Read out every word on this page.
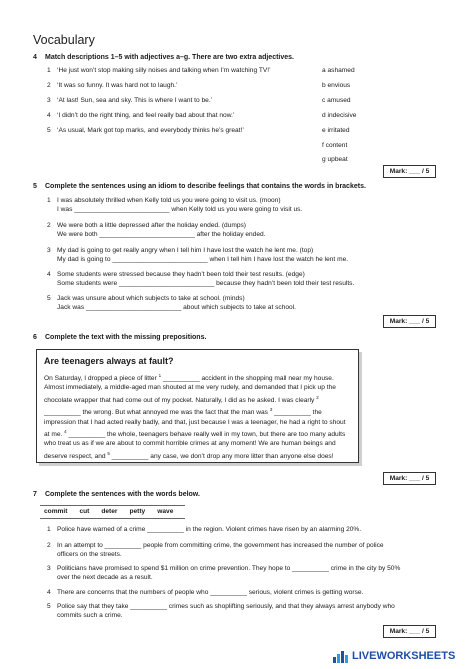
Vocabulary
4 Match descriptions 1–5 with adjectives a–g. There are two extra adjectives.
1 ‘He just won’t stop making silly noises and talking when I’m watching TV!’
2 ‘It was so funny. It was hard not to laugh.’
3 ‘At last! Sun, sea and sky. This is where I want to be.’
4 ‘I didn’t do the right thing, and feel really bad about that now.’
5 ‘As usual, Mark got top marks, and everybody thinks he’s great!’
a ashamed
b envious
c amused
d indecisive
e irritated
f content
g upbeat
Mark: ___ / 5
5 Complete the sentences using an idiom to describe feelings that contains the words in brackets.
1 I was absolutely thrilled when Kelly told us you were going to visit us. (moon)
I was __________________________ when Kelly told us you were going to visit us.
2 We were both a little depressed after the holiday ended. (dumps)
We were both __________________________ after the holiday ended.
3 My dad is going to get really angry when I tell him I have lost the watch he lent me. (top)
My dad is going to __________________________ when I tell him I have lost the watch he lent me.
4 Some students were stressed because they hadn’t been told their test results. (edge)
Some students were __________________________ because they hadn’t been told their test results.
5 Jack was unsure about which subjects to take at school. (minds)
Jack was __________________________ about which subjects to take at school.
Mark: ___ / 5
6 Complete the text with the missing prepositions.
Are teenagers always at fault?

On Saturday, I dropped a piece of litter $^1$ __________ accident in the shopping mall near my house. Almost immediately, a middle-aged man shouted at me very rudely, and demanded that I pick up the chocolate wrapper that had come out of my pocket. Naturally, I did as he asked. I was clearly $^2$ __________ the wrong. But what annoyed me was the fact that the man was $^3$ __________ the impression that I had acted really badly, and that, just because I was a teenager, he had a right to shout at me. $^4$ __________ the whole, teenagers behave really well in my town, but there are too many adults who treat us as if we are about to commit horrible crimes at any moment! We are human beings and deserve respect, and $^5$ __________ any case, we don’t drop any more litter than anyone else does!

Mark: ___ / 5
7 Complete the sentences with the words below.
commit cut deter petty wave
1 Police have warned of a crime __________ in the region. Violent crimes have risen by an alarming 20%.
2 In an attempt to __________ people from committing crime, the government has increased the number of police
officers on the streets.
3 Politicians have promised to spend $1 million on crime prevention. They hope to __________ crime in the city by 50%
over the next decade as a result.
4 There are concerns that the numbers of people who __________ serious, violent crimes is getting worse.
5 Police say that they take __________ crimes such as shoplifting seriously, and that they always arrest anybody who
commits such a crime.
Mark: ___ / 5
LIVEWORKSHEETS
